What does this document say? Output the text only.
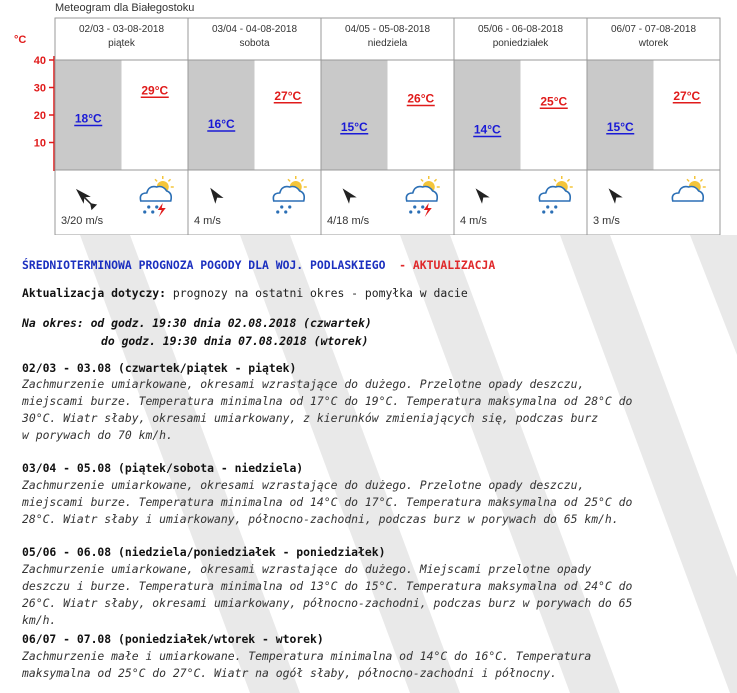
Meteogram dla Białegostoku
°C
40
30
20
10
02/03 - 03-08-2018
piątek
18°C
29°C
3/20 m/s
03/04 - 04-08-2018
sobota
16°C
27°C
4 m/s
04/05 - 05-08-2018
niedziela
15°C
26°C
4/18 m/s
05/06 - 06-08-2018
poniedziałek
14°C
25°C
4 m/s
06/07 - 07-08-2018
wtorek
15°C
27°C
3 m/s
ŚREDNIOTERMINOWA PROGNOZA POGODY DLA WOJ. PODLASKIEGO  - AKTUALIZACJA
Aktualizacja dotyczy: prognozy na ostatni okres - pomyłka w dacie
Na okres: od godz. 19:30 dnia 02.08.2018 (czwartek)
do godz. 19:30 dnia 07.08.2018 (wtorek)
02/03 - 03.08 (czwartek/piątek - piątek)
Zachmurzenie umiarkowane, okresami wzrastające do dużego. Przelotne opady deszczu,
miejscami burze. Temperatura minimalna od 17°C do 19°C. Temperatura maksymalna od 28°C do
30°C. Wiatr słaby, okresami umiarkowany, z kierunków zmieniających się, podczas burz
w porywach do 70 km/h.
03/04 - 05.08 (piątek/sobota - niedziela)
Zachmurzenie umiarkowane, okresami wzrastające do dużego. Przelotne opady deszczu,
miejscami burze. Temperatura minimalna od 14°C do 17°C. Temperatura maksymalna od 25°C do
28°C. Wiatr słaby i umiarkowany, północno-zachodni, podczas burz w porywach do 65 km/h.
05/06 - 06.08 (niedziela/poniedziałek - poniedziałek)
Zachmurzenie umiarkowane, okresami wzrastające do dużego. Miejscami przelotne opady
deszczu i burze. Temperatura minimalna od 13°C do 15°C. Temperatura maksymalna od 24°C do
26°C. Wiatr słaby, okresami umiarkowany, północno-zachodni, podczas burz w porywach do 65
km/h.
06/07 - 07.08 (poniedziałek/wtorek - wtorek)
Zachmurzenie małe i umiarkowane. Temperatura minimalna od 14°C do 16°C. Temperatura
maksymalna od 25°C do 27°C. Wiatr na ogół słaby, północno-zachodni i północny.
